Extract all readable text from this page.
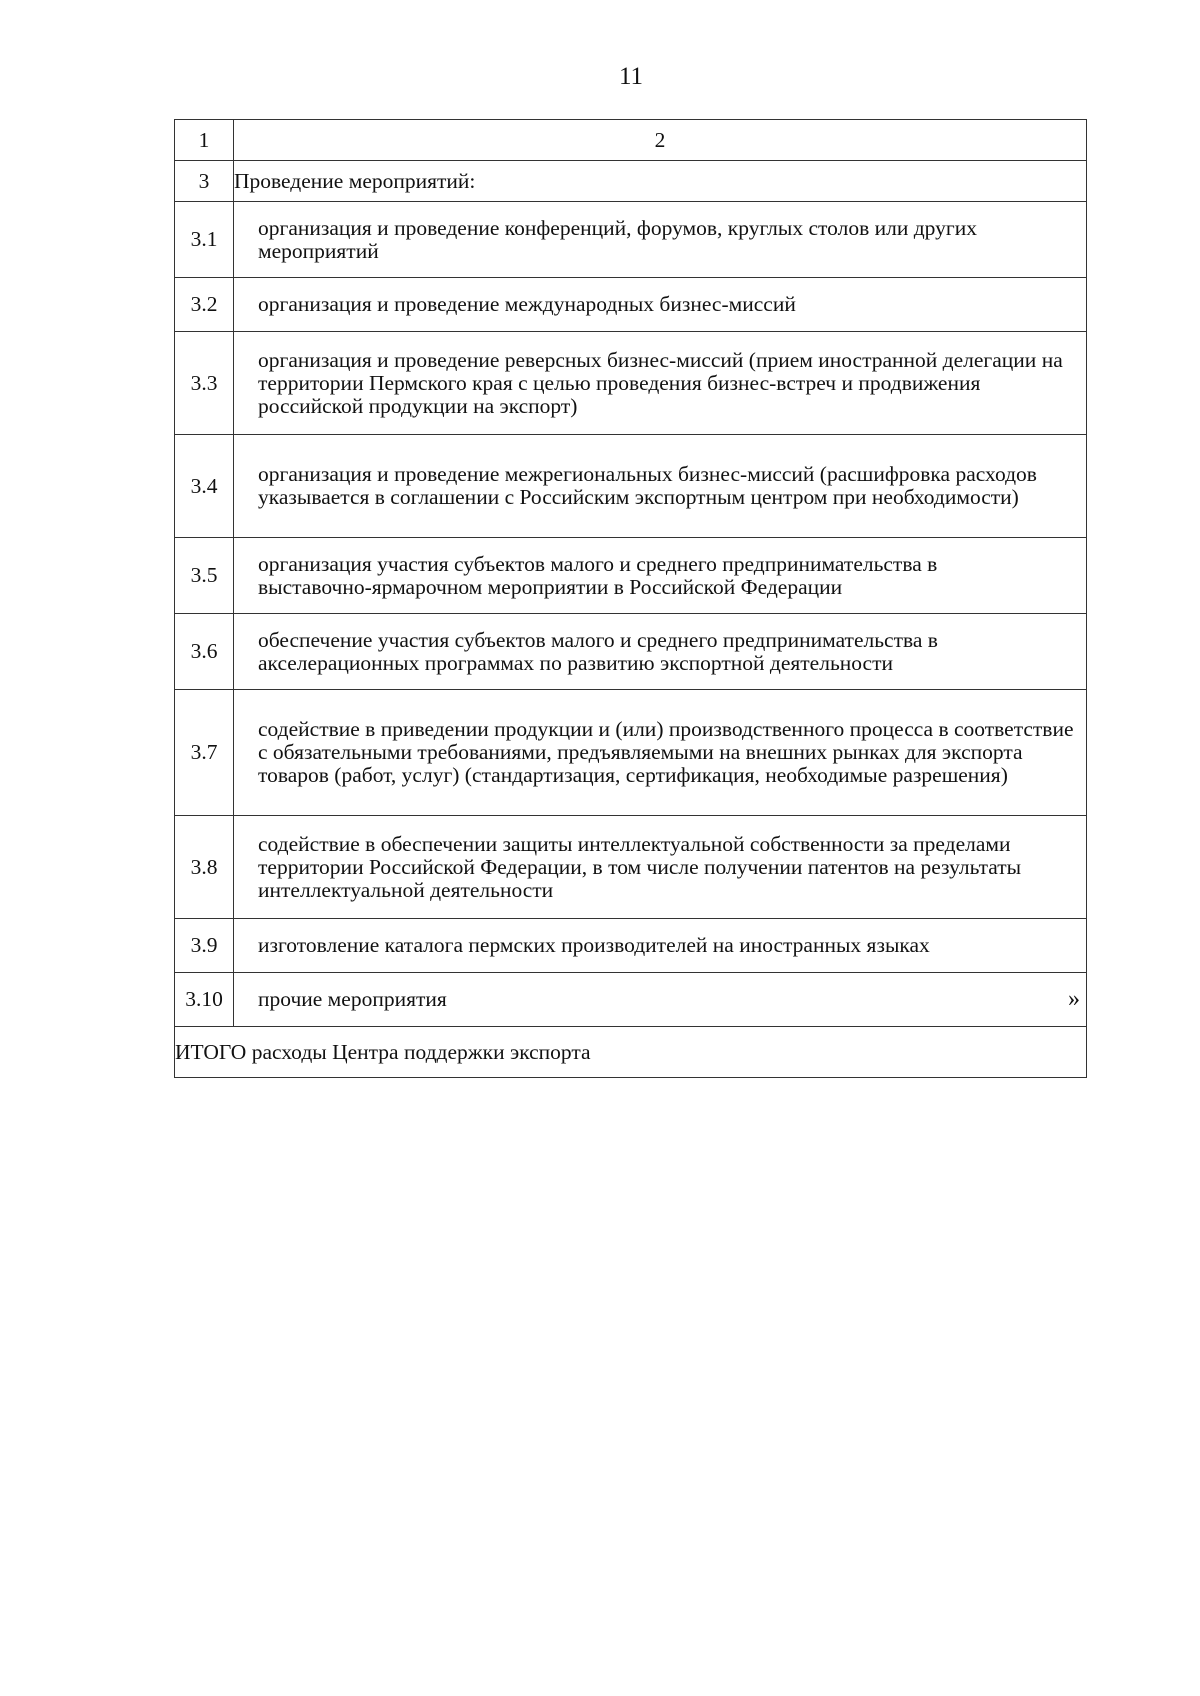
11
1	2
3	Проведение мероприятий:
3.1	организация и проведение конференций, форумов, круглых столов или других мероприятий

3.2	организация и проведение международных бизнес-миссий

3.3	организация и проведение реверсных бизнес-миссий (прием иностранной делегации на территории Пермского края с целью проведения бизнес-встреч и продвижения российской продукции на экспорт)

3.4	организация и проведение межрегиональных бизнес-миссий (расшифровка расходов указывается в соглашении с Российским экспортным центром при необходимости)

3.5	организация участия субъектов малого и среднего предпринимательства в выставочно-ярмарочном мероприятии в Российской Федерации

3.6	обеспечение участия субъектов малого и среднего предпринимательства в акселерационных программах по развитию экспортной деятельности

3.7	содействие в приведении продукции и (или) производственного процесса в соответствие с обязательными требованиями, предъявляемыми на внешних рынках для экспорта товаров (работ, услуг) (стандартизация, сертификация, необходимые разрешения)

3.8	содействие в обеспечении защиты интеллектуальной собственности за пределами территории Российской Федерации, в том числе получении патентов на результаты интеллектуальной деятельности

3.9	изготовление каталога пермских производителей на иностранных языках

3.10	прочие мероприятия

ИТОГО расходы Центра поддержки экспорта	
»
